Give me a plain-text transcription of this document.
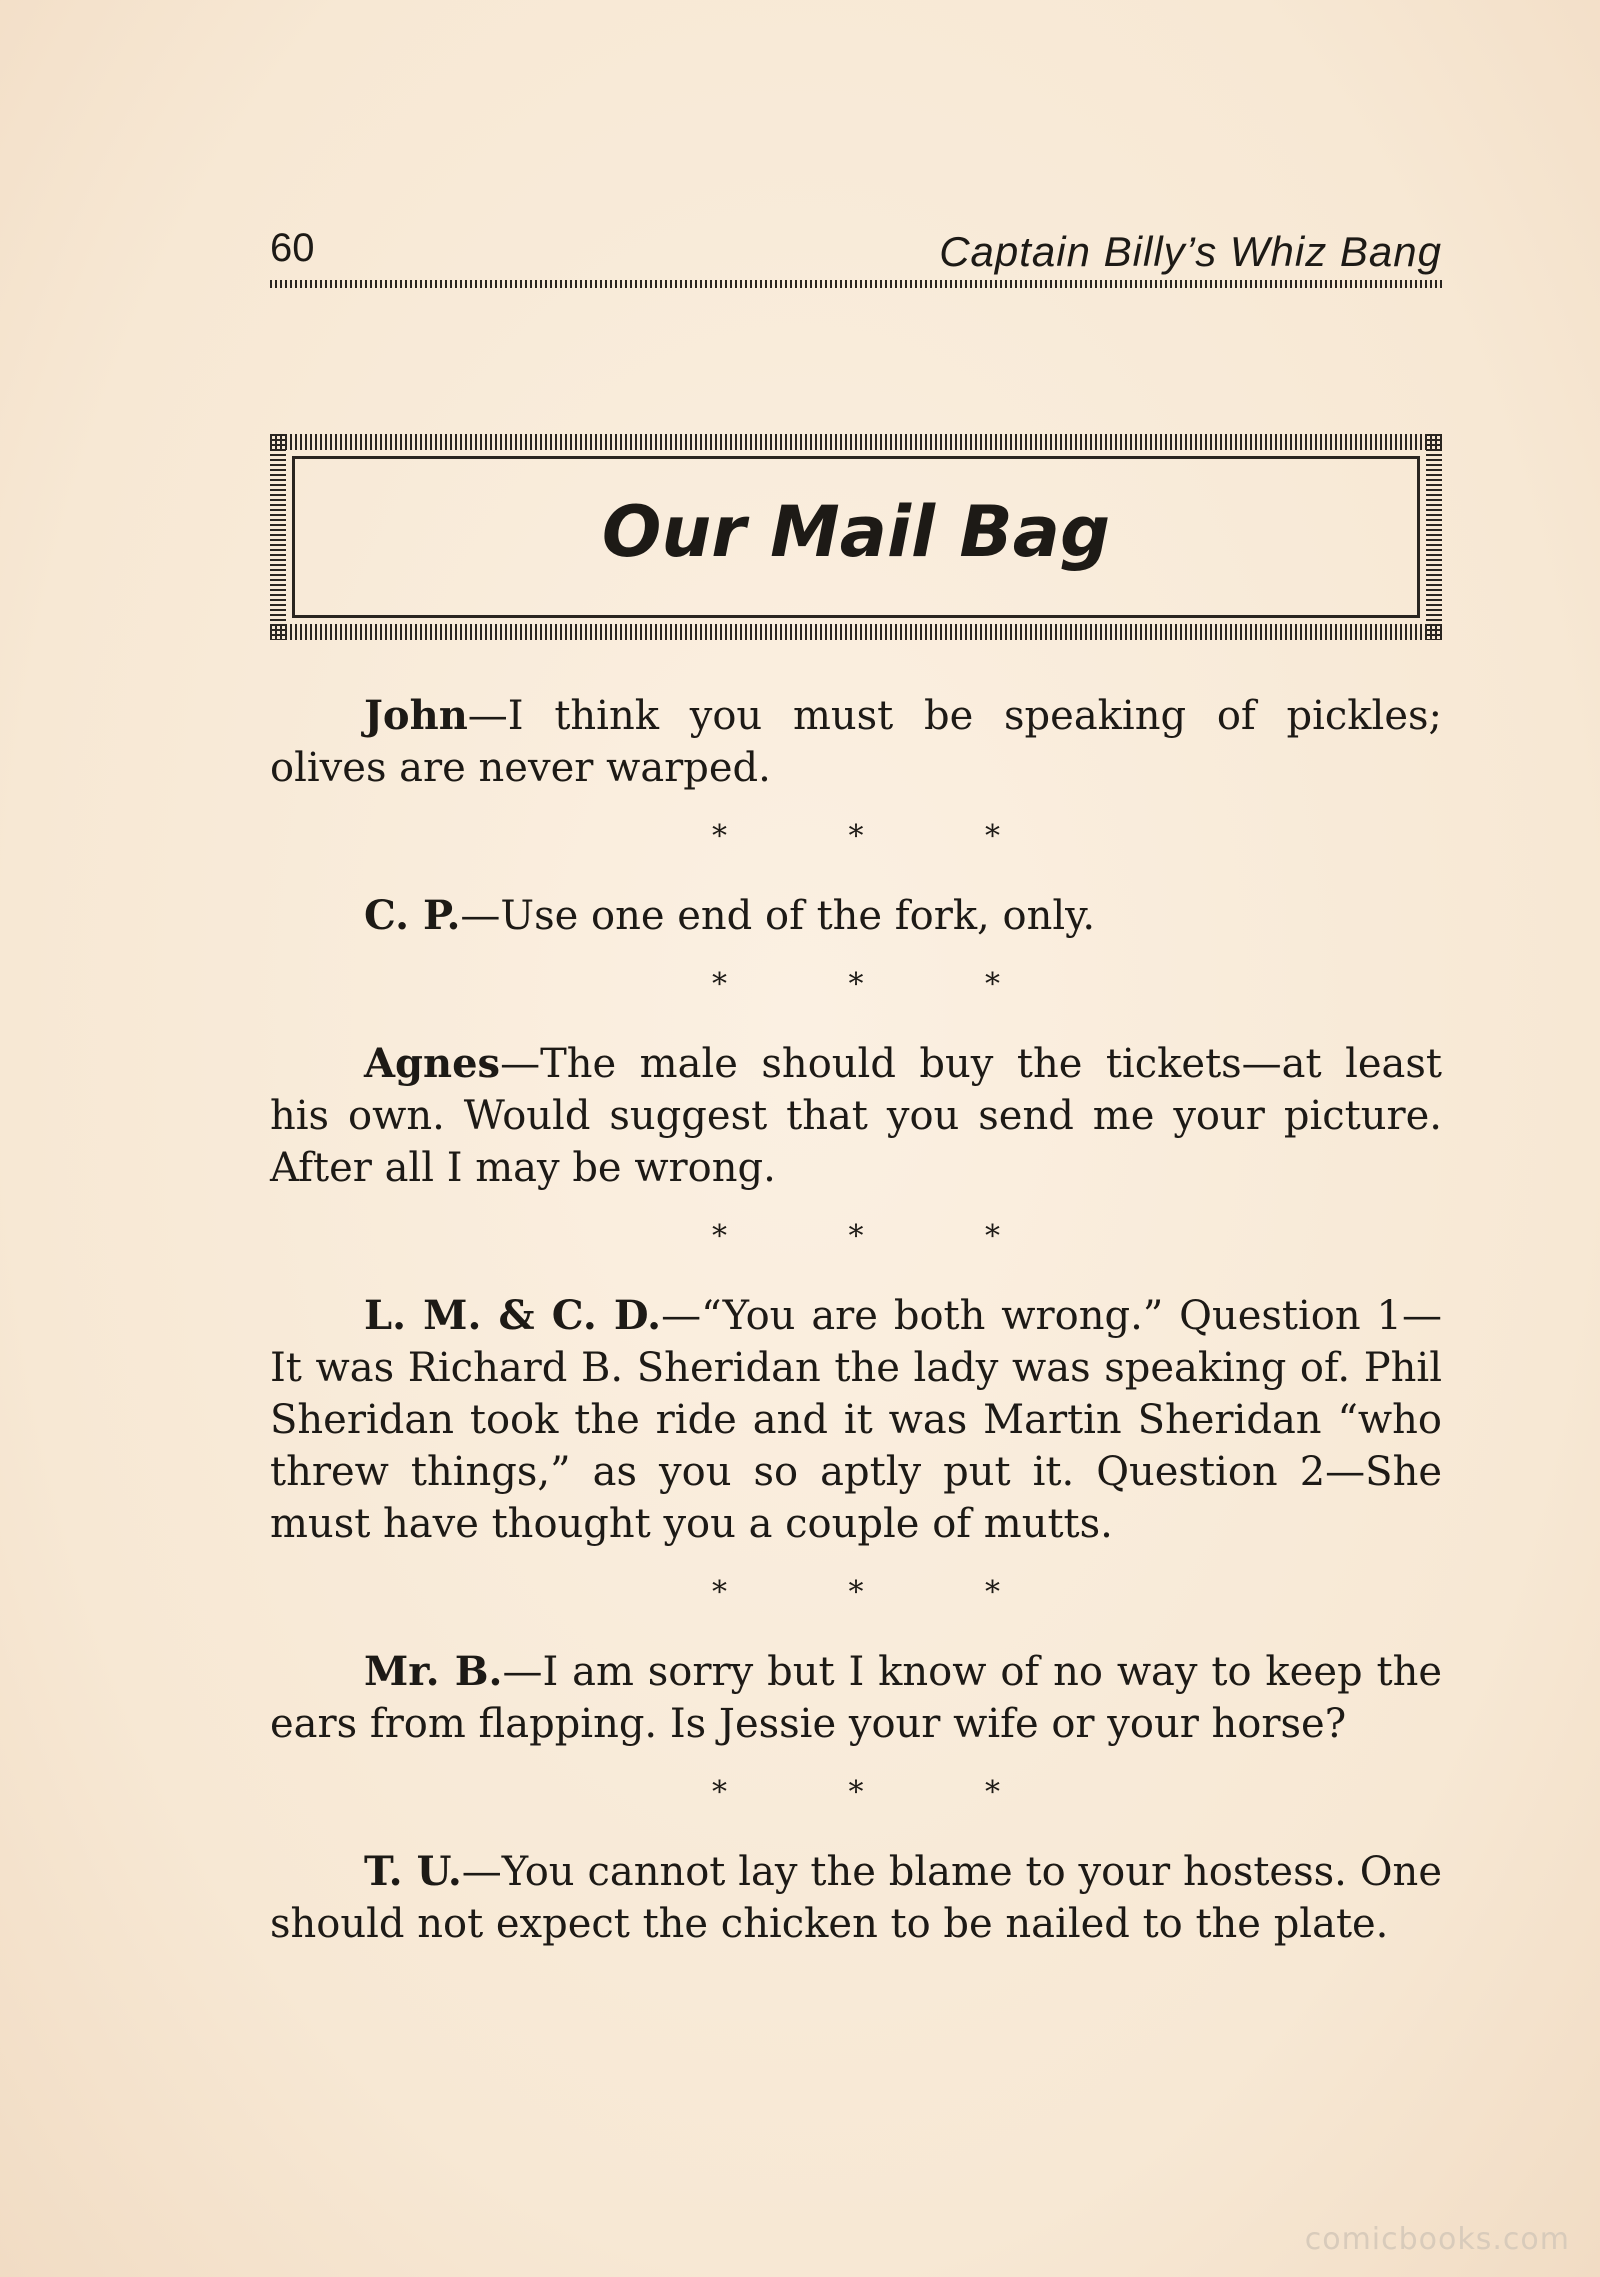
60	Captain Billy’s Whiz Bang
Our Mail Bag

John—I think you must be speaking of pickles; olives are never warped.

* * *

C. P.—Use one end of the fork, only.

* * *

Agnes—The male should buy the tickets—at least his own. Would suggest that you send me your picture. After all I may be wrong.

* * *

L. M. & C. D.—“You are both wrong.” Question 1—It was Richard B. Sheridan the lady was speaking of. Phil Sheridan took the ride and it was Martin Sheridan “who threw things,” as you so aptly put it. Question 2—She must have thought you a couple of mutts.

* * *

Mr. B.—I am sorry but I know of no way to keep the ears from flapping. Is Jessie your wife or your horse?

* * *

T. U.—You cannot lay the blame to your hostess. One should not expect the chicken to be nailed to the plate.

comicbooks.com
